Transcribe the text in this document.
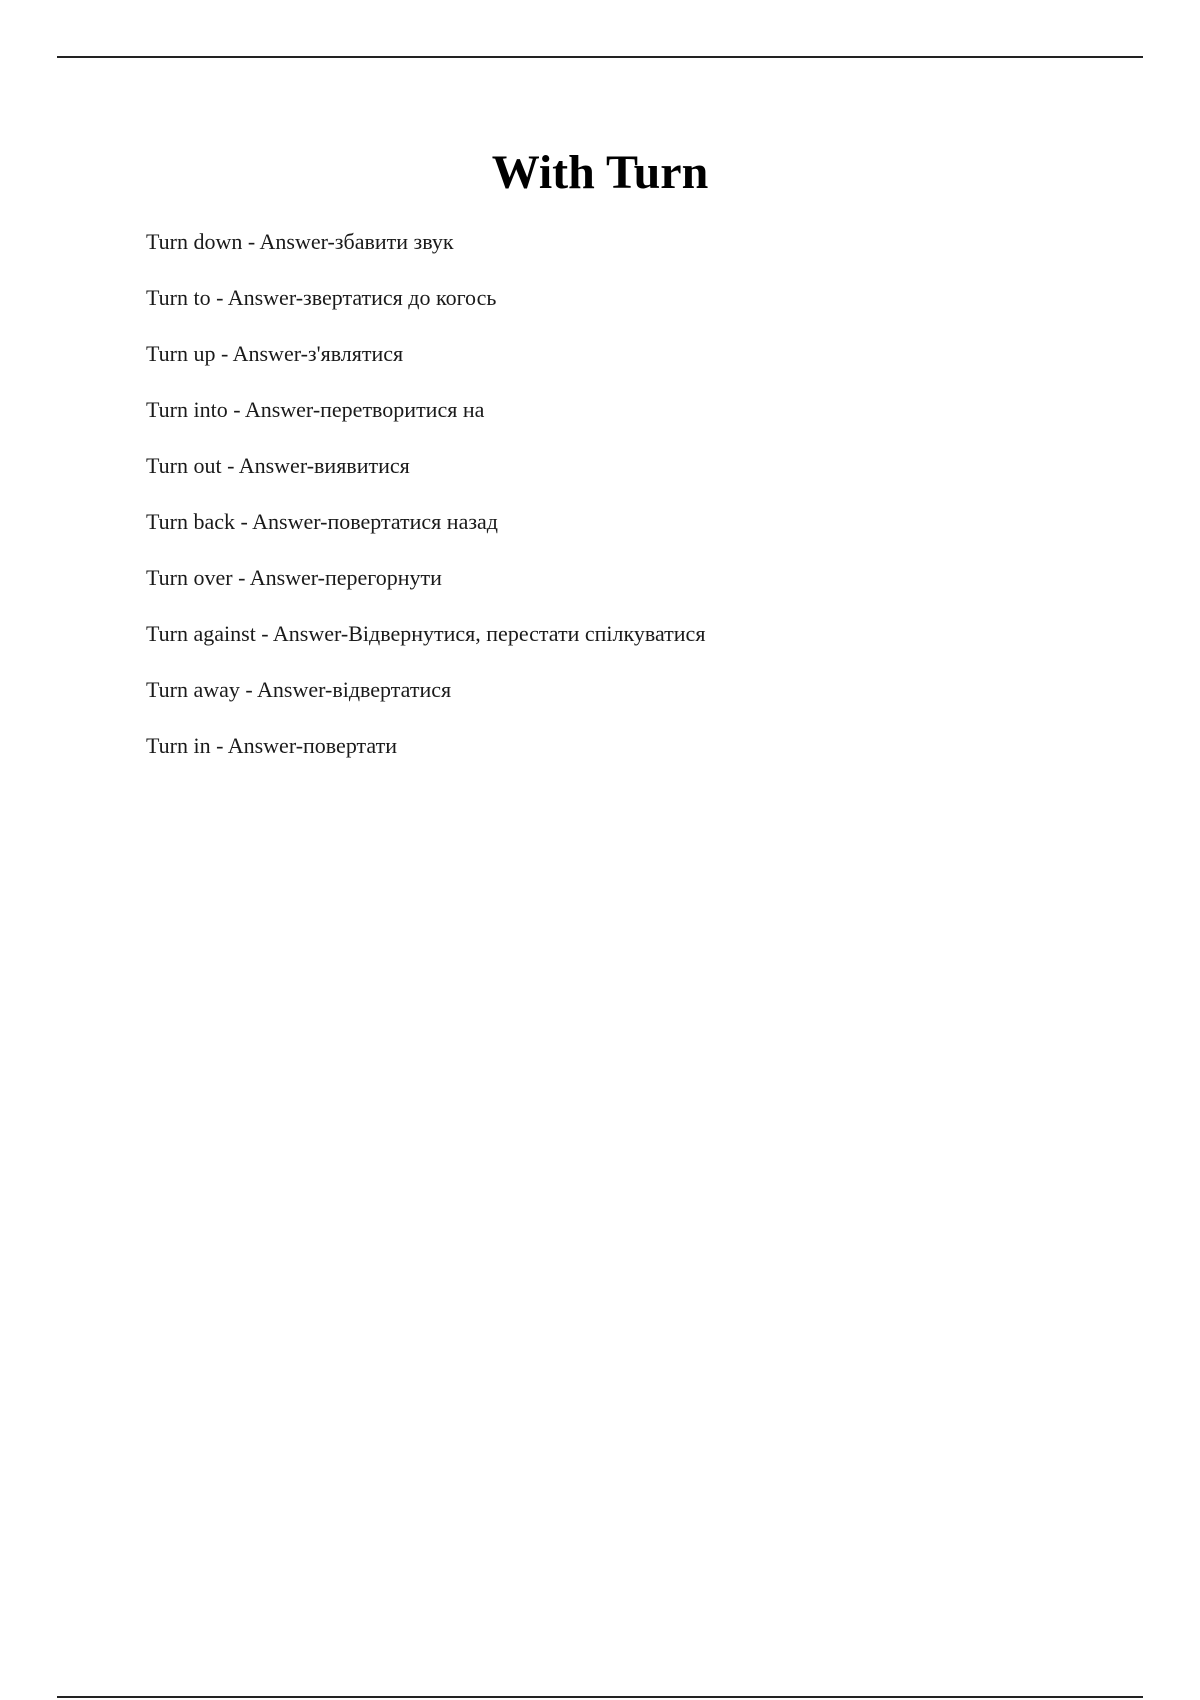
With Turn
Turn down - Answer-збавити звук
Turn to - Answer-звертатися до когось
Turn up - Answer-з'являтися
Turn into - Answer-перетворитися на
Turn out - Answer-виявитися
Turn back - Answer-повертатися назад
Turn over - Answer-перегорнути
Turn against - Answer-Відвернутися, перестати спілкуватися
Turn away - Answer-відвертатися
Turn in - Answer-повертати
